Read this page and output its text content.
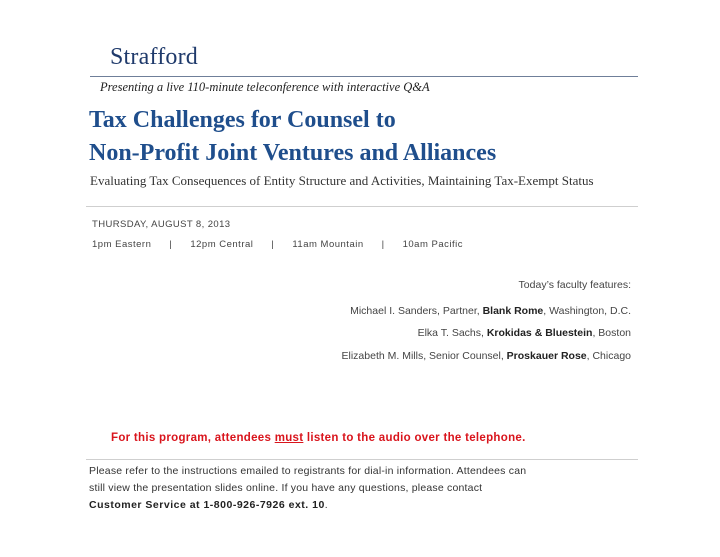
Strafford
Presenting a live 110-minute teleconference with interactive Q&A
Tax Challenges for Counsel to
Non-Profit Joint Ventures and Alliances
Evaluating Tax Consequences of Entity Structure and Activities, Maintaining Tax-Exempt Status
THURSDAY, AUGUST 8, 2013
1pm Eastern | 12pm Central | 11am Mountain | 10am Pacific
Today’s faculty features:
Michael I. Sanders, Partner, Blank Rome, Washington, D.C.
Elka T. Sachs, Krokidas & Bluestein, Boston
Elizabeth M. Mills, Senior Counsel, Proskauer Rose, Chicago
For this program, attendees must listen to the audio over the telephone.
Please refer to the instructions emailed to registrants for dial-in information. Attendees can
still view the presentation slides online. If you have any questions, please contact
Customer Service at 1-800-926-7926 ext. 10.
